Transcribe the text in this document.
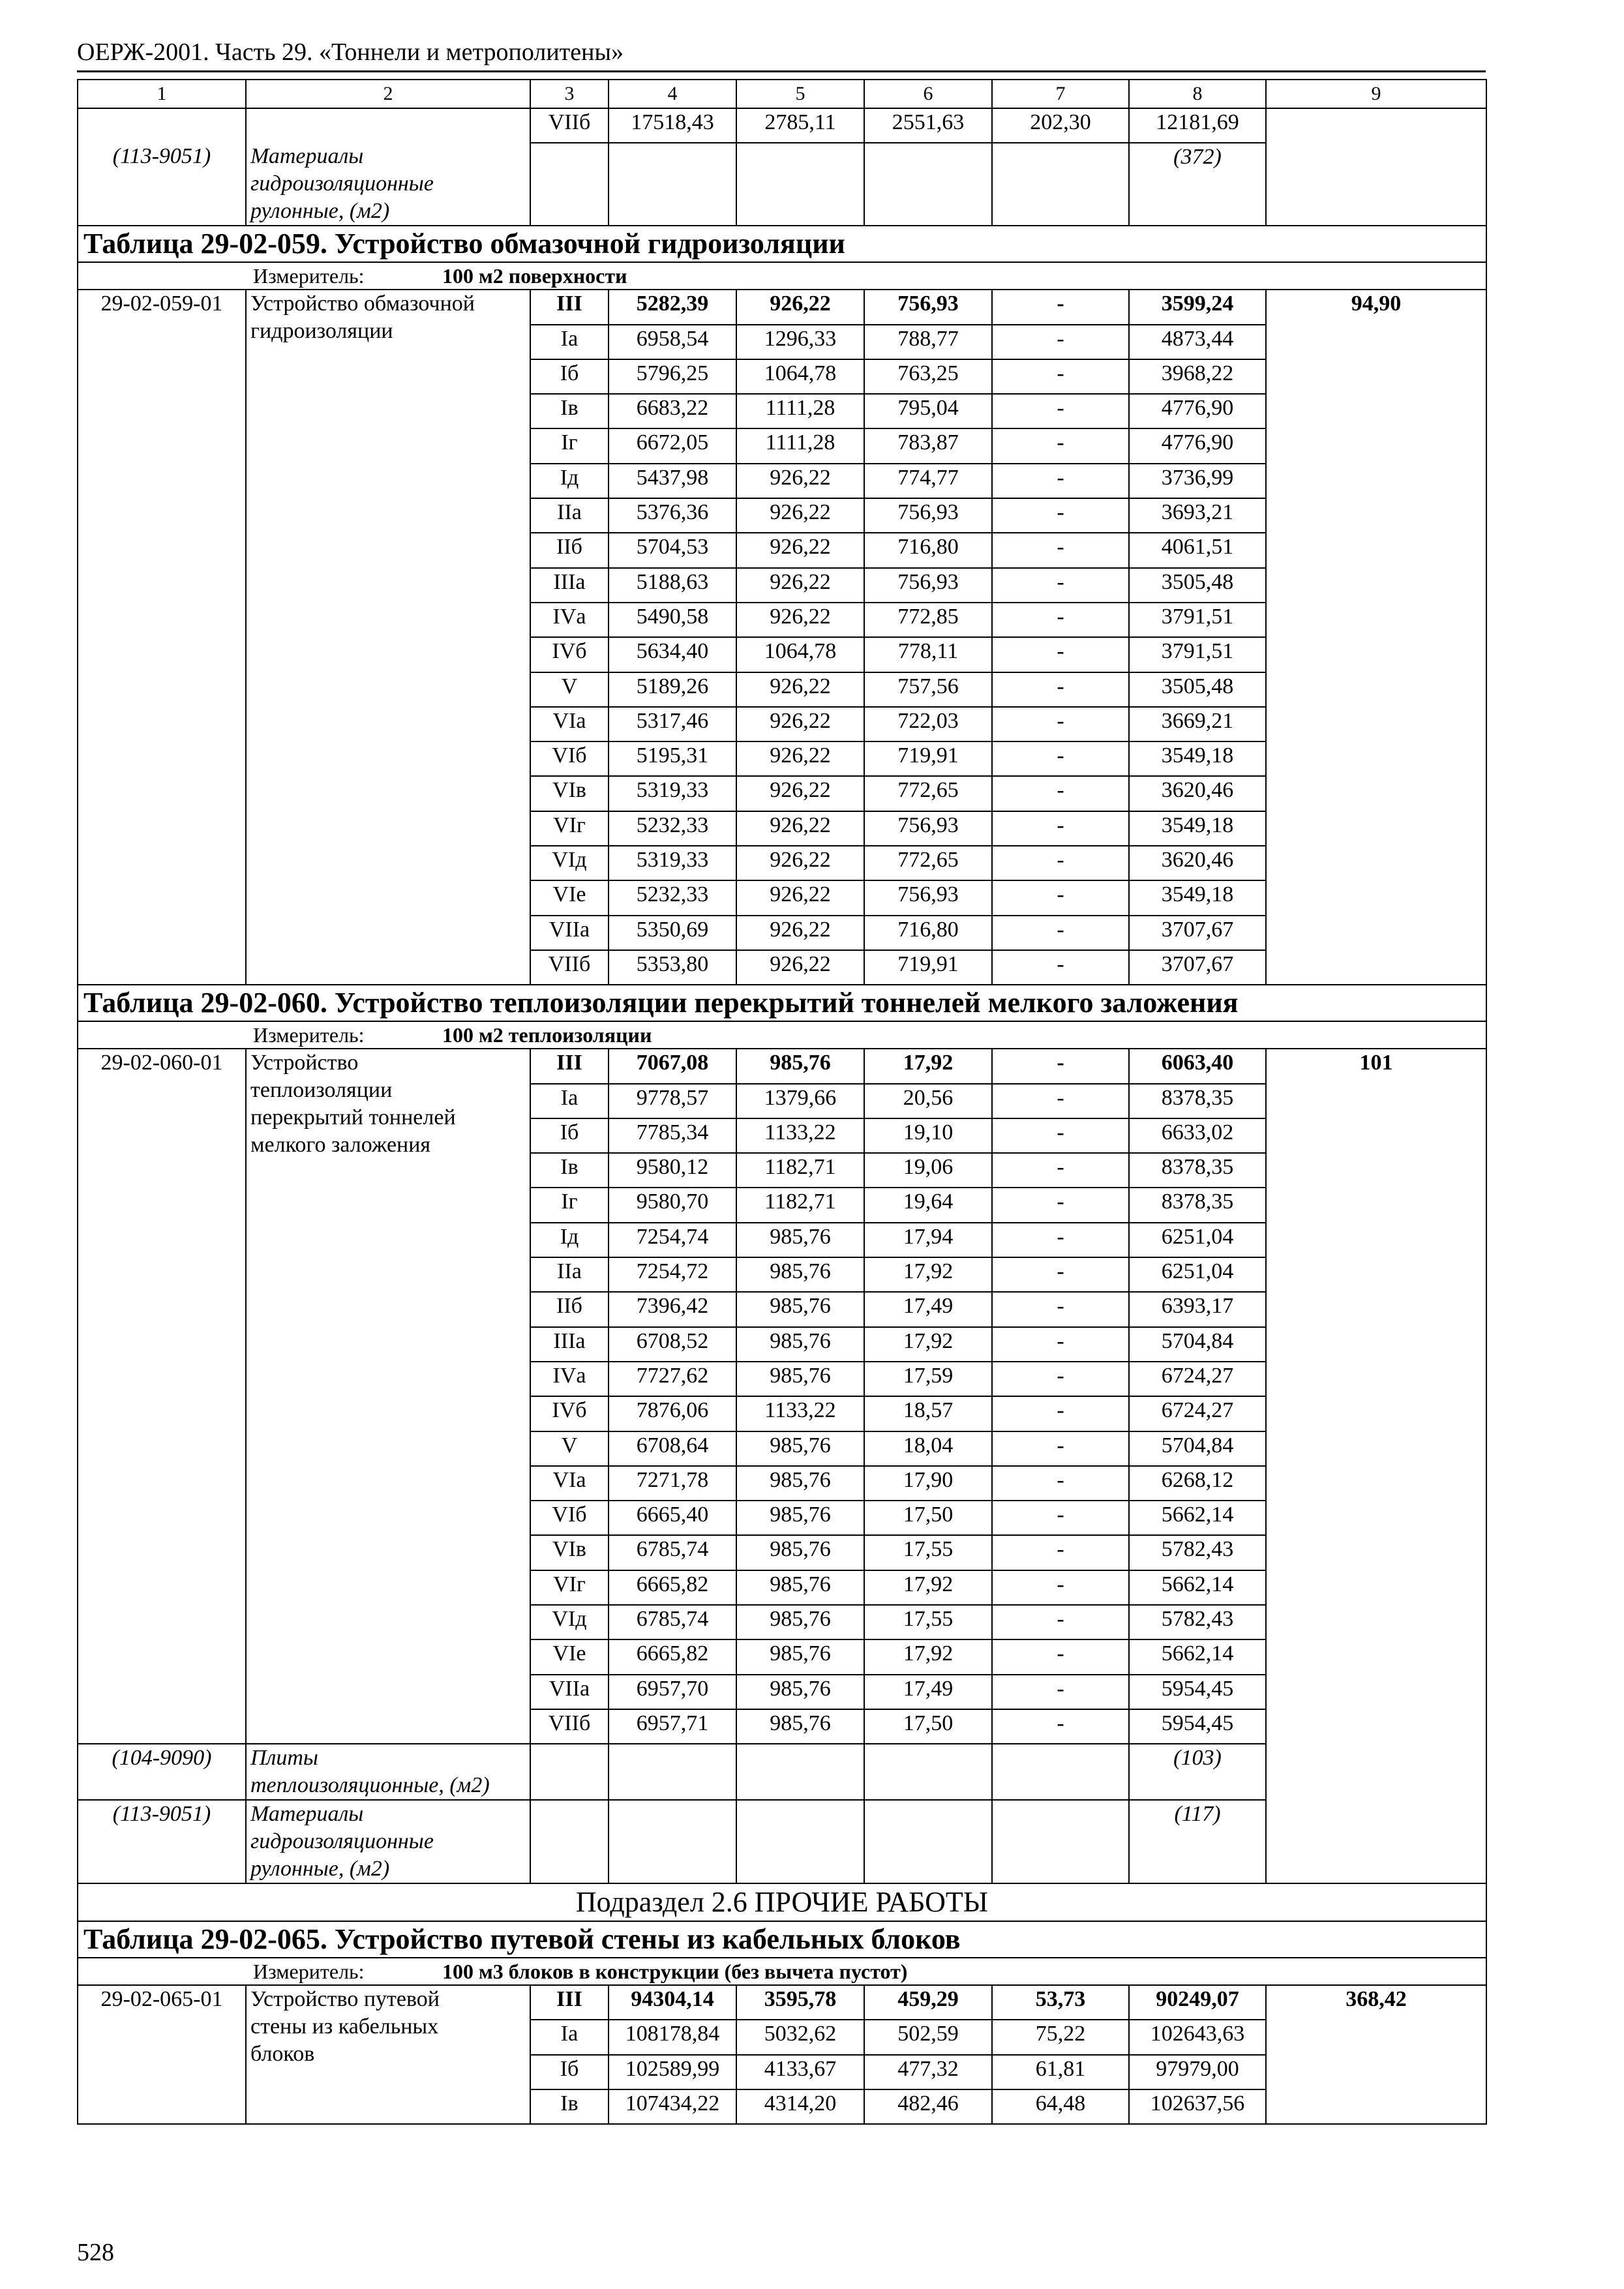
ОЕРЖ-2001. Часть 29. «Тоннели и метрополитены»
1	2	3	4	5	6	7	8	9
		VIIб	17518,43	2785,11	2551,63	202,30	12181,69	
(113-9051)	Материалы
гидроизоляционные
рулонные, (м2)						(372)	
Таблица 29-02-059. Устройство обмазочной гидроизоляции								
Измеритель: 100 м2 поверхности								
29-02-059-01	Устройство обмазочной
гидроизоляции	III	5282,39	926,22	756,93	-	3599,24	94,90
		Iа	6958,54	1296,33	788,77	-	4873,44	
		Iб	5796,25	1064,78	763,25	-	3968,22	
		Iв	6683,22	1111,28	795,04	-	4776,90	
		Iг	6672,05	1111,28	783,87	-	4776,90	
		Iд	5437,98	926,22	774,77	-	3736,99	
		IIа	5376,36	926,22	756,93	-	3693,21	
		IIб	5704,53	926,22	716,80	-	4061,51	
		IIIа	5188,63	926,22	756,93	-	3505,48	
		IVа	5490,58	926,22	772,85	-	3791,51	
		IVб	5634,40	1064,78	778,11	-	3791,51	
		V	5189,26	926,22	757,56	-	3505,48	
		VIа	5317,46	926,22	722,03	-	3669,21	
		VIб	5195,31	926,22	719,91	-	3549,18	
		VIв	5319,33	926,22	772,65	-	3620,46	
		VIг	5232,33	926,22	756,93	-	3549,18	
		VIд	5319,33	926,22	772,65	-	3620,46	
		VIе	5232,33	926,22	756,93	-	3549,18	
		VIIа	5350,69	926,22	716,80	-	3707,67	
		VIIб	5353,80	926,22	719,91	-	3707,67	
Таблица 29-02-060. Устройство теплоизоляции перекрытий тоннелей мелкого заложения								
Измеритель: 100 м2 теплоизоляции								
29-02-060-01	Устройство
теплоизоляции
перекрытий тоннелей
мелкого заложения	III	7067,08	985,76	17,92	-	6063,40	101
		Iа	9778,57	1379,66	20,56	-	8378,35	
		Iб	7785,34	1133,22	19,10	-	6633,02	
		Iв	9580,12	1182,71	19,06	-	8378,35	
		Iг	9580,70	1182,71	19,64	-	8378,35	
		Iд	7254,74	985,76	17,94	-	6251,04	
		IIа	7254,72	985,76	17,92	-	6251,04	
		IIб	7396,42	985,76	17,49	-	6393,17	
		IIIа	6708,52	985,76	17,92	-	5704,84	
		IVа	7727,62	985,76	17,59	-	6724,27	
		IVб	7876,06	1133,22	18,57	-	6724,27	
		V	6708,64	985,76	18,04	-	5704,84	
		VIа	7271,78	985,76	17,90	-	6268,12	
		VIб	6665,40	985,76	17,50	-	5662,14	
		VIв	6785,74	985,76	17,55	-	5782,43	
		VIг	6665,82	985,76	17,92	-	5662,14	
		VIд	6785,74	985,76	17,55	-	5782,43	
		VIе	6665,82	985,76	17,92	-	5662,14	
		VIIа	6957,70	985,76	17,49	-	5954,45	
		VIIб	6957,71	985,76	17,50	-	5954,45	
(104-9090)	Плиты
теплоизоляционные, (м2)						(103)	
(113-9051)	Материалы
гидроизоляционные
рулонные, (м2)						(117)	
Подраздел 2.6 ПРОЧИЕ РАБОТЫ								
Таблица 29-02-065. Устройство путевой стены из кабельных блоков								
Измеритель: 100 м3 блоков в конструкции (без вычета пустот)								
29-02-065-01	Устройство путевой
стены из кабельных
блоков	III	94304,14	3595,78	459,29	53,73	90249,07	368,42
		Iа	108178,84	5032,62	502,59	75,22	102643,63	
		Iб	102589,99	4133,67	477,32	61,81	97979,00	
		Iв	107434,22	4314,20	482,46	64,48	102637,56	
528
